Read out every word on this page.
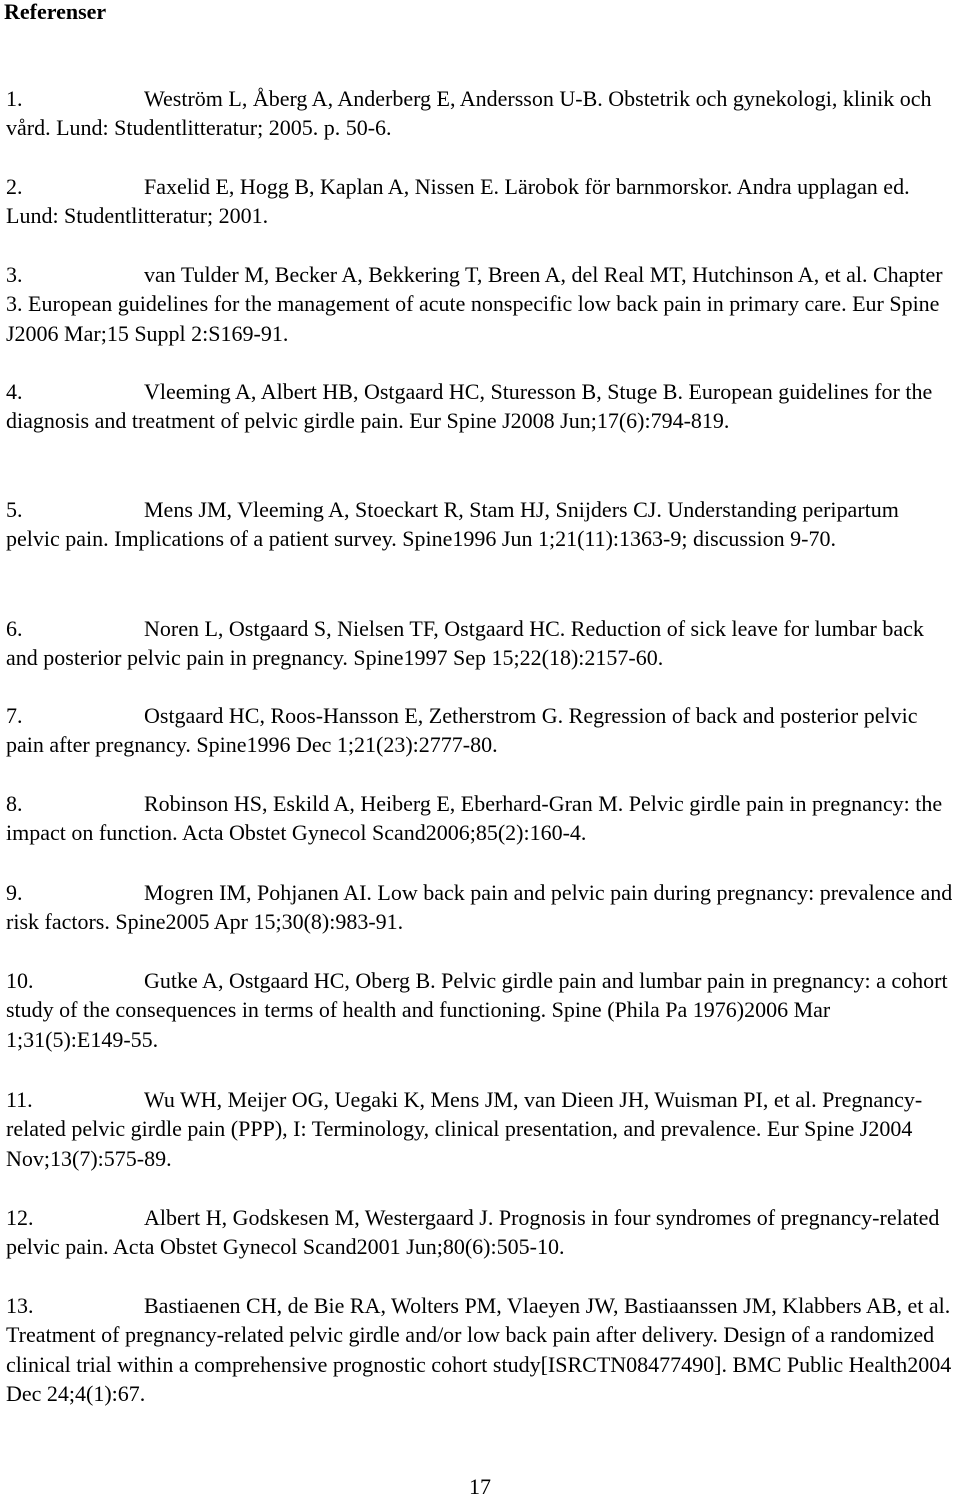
Referenser

1.	Weström L, Åberg A, Anderberg E, Andersson U-B. Obstetrik och gynekologi, klinik och vård. Lund: Studentlitteratur; 2005. p. 50-6.

2.	Faxelid E, Hogg B, Kaplan A, Nissen E. Lärobok för barnmorskor. Andra upplagan ed. Lund: Studentlitteratur; 2001.

3.	van Tulder M, Becker A, Bekkering T, Breen A, del Real MT, Hutchinson A, et al. Chapter 3. European guidelines for the management of acute nonspecific low back pain in primary care. Eur Spine J2006 Mar;15 Suppl 2:S169-91.

4.	Vleeming A, Albert HB, Ostgaard HC, Sturesson B, Stuge B. European guidelines for the diagnosis and treatment of pelvic girdle pain. Eur Spine J2008 Jun;17(6):794-819.

5.	Mens JM, Vleeming A, Stoeckart R, Stam HJ, Snijders CJ. Understanding peripartum pelvic pain. Implications of a patient survey. Spine1996 Jun 1;21(11):1363-9; discussion 9-70.

6.	Noren L, Ostgaard S, Nielsen TF, Ostgaard HC. Reduction of sick leave for lumbar back and posterior pelvic pain in pregnancy. Spine1997 Sep 15;22(18):2157-60.

7.	Ostgaard HC, Roos-Hansson E, Zetherstrom G. Regression of back and posterior pelvic pain after pregnancy. Spine1996 Dec 1;21(23):2777-80.

8.	Robinson HS, Eskild A, Heiberg E, Eberhard-Gran M. Pelvic girdle pain in pregnancy: the impact on function. Acta Obstet Gynecol Scand2006;85(2):160-4.

9.	Mogren IM, Pohjanen AI. Low back pain and pelvic pain during pregnancy: prevalence and risk factors. Spine2005 Apr 15;30(8):983-91.

10.	Gutke A, Ostgaard HC, Oberg B. Pelvic girdle pain and lumbar pain in pregnancy: a cohort study of the consequences in terms of health and functioning. Spine (Phila Pa 1976)2006 Mar 1;31(5):E149-55.

11.	Wu WH, Meijer OG, Uegaki K, Mens JM, van Dieen JH, Wuisman PI, et al. Pregnancy-related pelvic girdle pain (PPP), I: Terminology, clinical presentation, and prevalence. Eur Spine J2004 Nov;13(7):575-89.

12.	Albert H, Godskesen M, Westergaard J. Prognosis in four syndromes of pregnancy-related pelvic pain. Acta Obstet Gynecol Scand2001 Jun;80(6):505-10.

13.	Bastiaenen CH, de Bie RA, Wolters PM, Vlaeyen JW, Bastiaanssen JM, Klabbers AB, et al. Treatment of pregnancy-related pelvic girdle and/or low back pain after delivery. Design of a randomized clinical trial within a comprehensive prognostic cohort study[ISRCTN08477490]. BMC Public Health2004 Dec 24;4(1):67.

17
